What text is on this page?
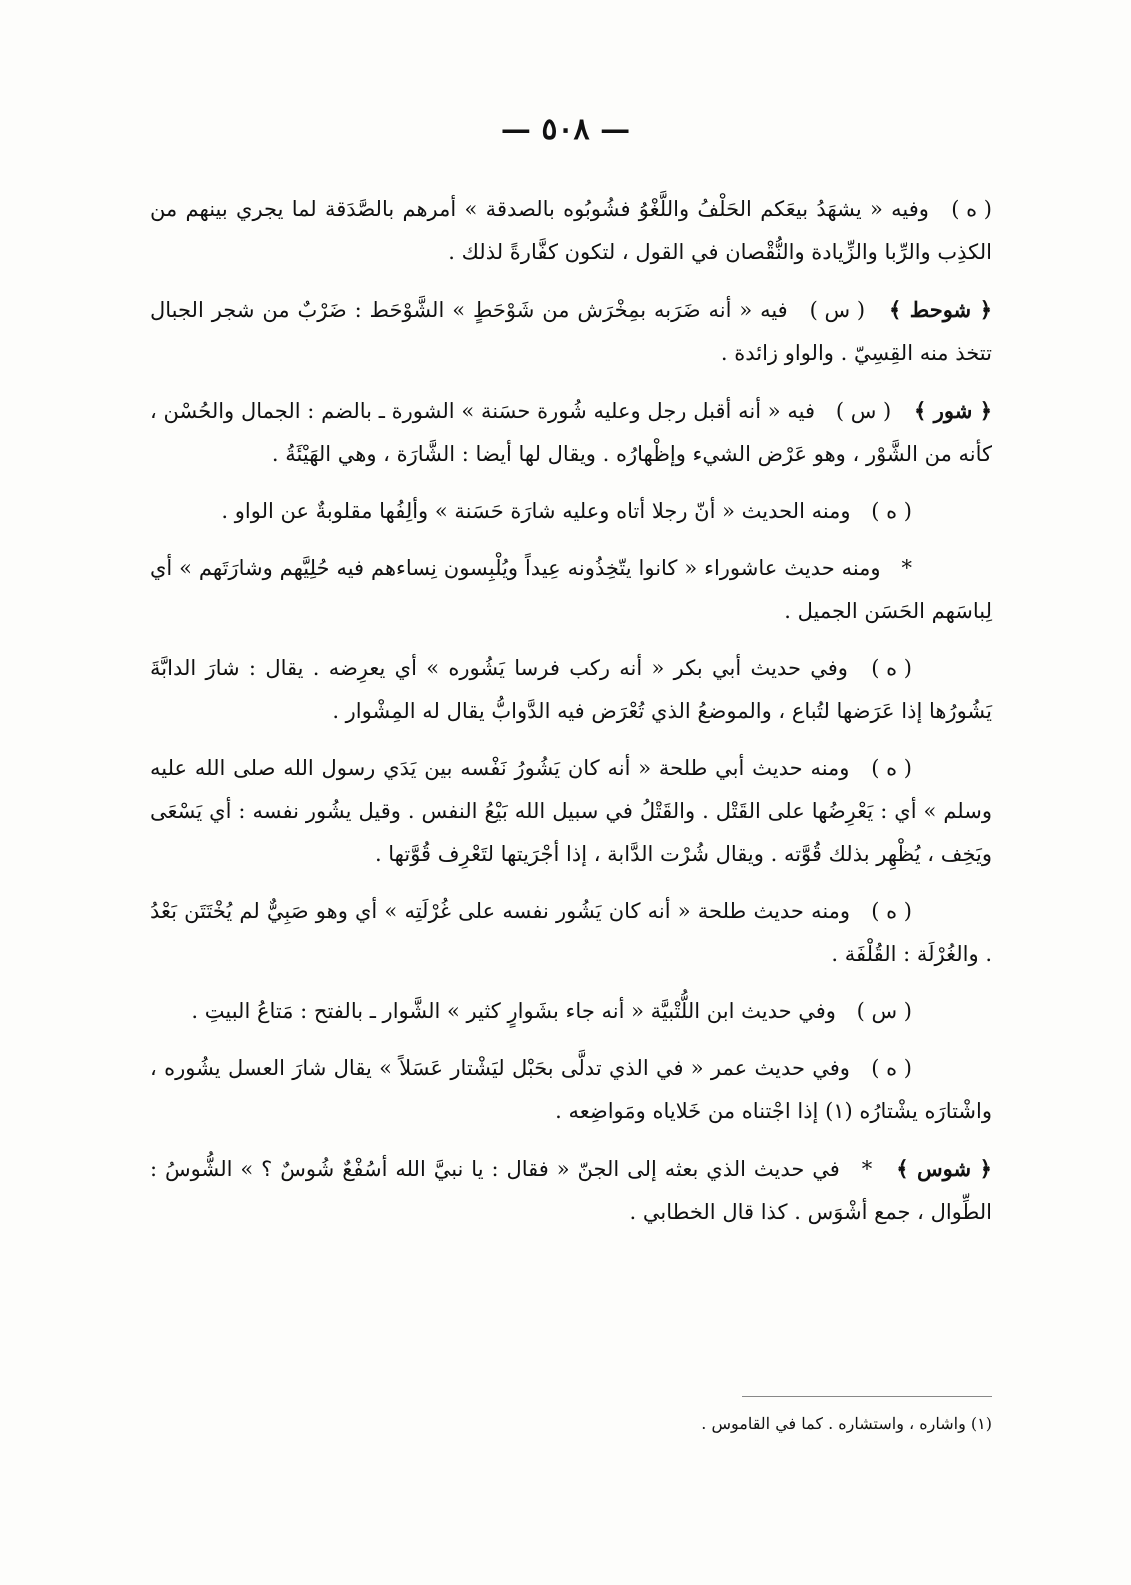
— ٥٠٨ —

( ه ) وفيه « يشهَدُ بيعَكم الحَلْفُ واللَّغْوُ فشُوبُوه بالصدقة » أمرهم بالصَّدَقة لما يجري بينهم من الكذِب والرِّبا والزِّيادة والنُّقْصان في القول ، لتكون كفَّارةً لذلك .

﴿ شوحط ﴾ ( س ) فيه « أنه ضَرَبه بمِخْرَش من شَوْحَطٍ » الشَّوْحَط : ضَرْبٌ من شجر الجبال تتخذ منه القِسِيّ . والواو زائدة .

﴿ شور ﴾ ( س ) فيه « أنه أقبل رجل وعليه شُورة حسَنة » الشورة ـ بالضم : الجمال والحُسْن ، كأنه من الشَّوْر ، وهو عَرْض الشيء وإظْهارُه . ويقال لها أيضا : الشَّارَة ، وهي الهَيْئَةُ .

( ه ) ومنه الحديث « أنّ رجلا أتاه وعليه شارَة حَسَنة » وألِفُها مقلوبةٌ عن الواو .

* ومنه حديث عاشوراء « كانوا يتّخِذُونه عِيداً ويُلْبِسون نِساءهم فيه حُلِيَّهم وشارَتَهم » أي لِباسَهم الحَسَن الجميل .

( ه ) وفي حديث أبي بكر « أنه ركب فرسا يَشُوره » أي يعرِضه . يقال : شارَ الدابَّةَ يَشُورُها إذا عَرَضها لتُباع ، والموضعُ الذي تُعْرَض فيه الدَّوابُّ يقال له المِشْوار .

( ه ) ومنه حديث أبي طلحة « أنه كان يَشُورُ نَفْسه بين يَدَي رسول الله صلى الله عليه وسلم » أي : يَعْرِضُها على القَتْل . والقَتْلُ في سبيل الله بَيْعُ النفس . وقيل يشُور نفسه : أي يَسْعَى ويَخِف ، يُظْهِر بذلك قُوَّته . ويقال شُرْت الدَّابة ، إذا أجْرَيتها لتَعْرِف قُوَّتها .

( ه ) ومنه حديث طلحة « أنه كان يَشُور نفسه على غُرْلَتِه » أي وهو صَبِيٌّ لم يُخْتَتَن بَعْدُ . والغُرْلَة : القُلْفَة .

( س ) وفي حديث ابن اللُّتْبيَّة « أنه جاء بشَوارٍ كثير » الشَّوار ـ بالفتح : مَتاعُ البيتِ .

( ه ) وفي حديث عمر « في الذي تدلَّى بحَبْل ليَشْتار عَسَلاً » يقال شارَ العسل يشُوره ، واشْتارَه يشْتارُه (١) إذا اجْتناه من خَلاياه ومَواضِعه .

﴿ شوس ﴾ * في حديث الذي بعثه إلى الجنّ « فقال : يا نبيَّ الله أسُفْعٌ شُوسٌ ؟ » الشُّوسُ : الطِّوال ، جمع أشْوَس . كذا قال الخطابي .

(١) واشاره ، واستشاره . كما في القاموس .
